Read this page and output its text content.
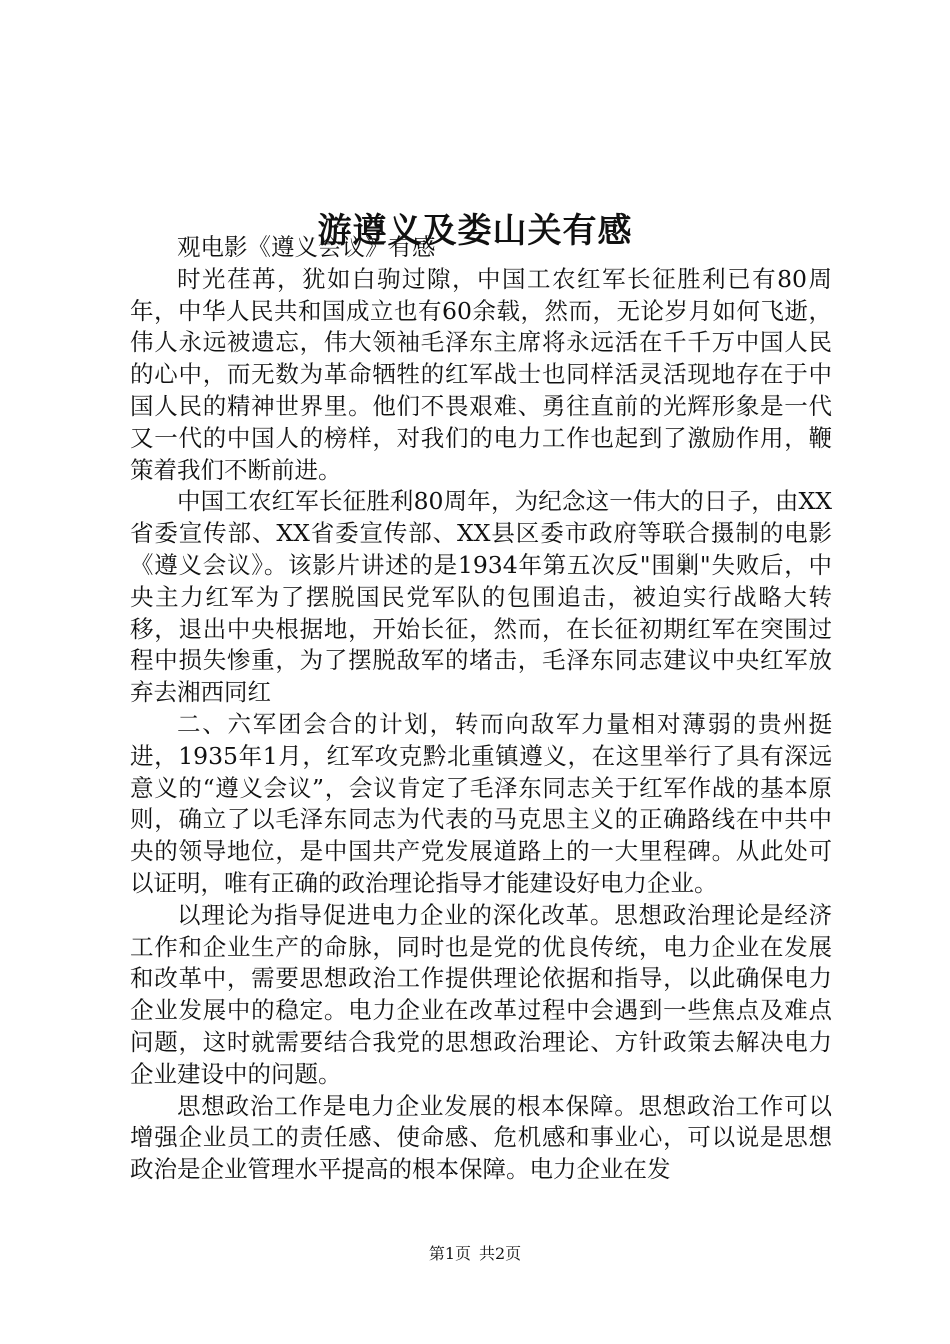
游遵义及娄山关有感

观电影《遵义会议》有感

时光荏苒，犹如白驹过隙，中国工农红军长征胜利已有80周年，中华人民共和国成立也有60余载，然而，无论岁月如何飞逝，伟人永远被遗忘，伟大领袖毛泽东主席将永远活在千千万中国人民的心中，而无数为革命牺牲的红军战士也同样活灵活现地存在于中国人民的精神世界里。他们不畏艰难、勇往直前的光辉形象是一代又一代的中国人的榜样，对我们的电力工作也起到了激励作用，鞭策着我们不断前进。

中国工农红军长征胜利80周年，为纪念这一伟大的日子，由XX省委宣传部、XX省委宣传部、XX县区委市政府等联合摄制的电影《遵义会议》。该影片讲述的是1934年第五次反"围剿"失败后，中央主力红军为了摆脱国民党军队的包围追击，被迫实行战略大转移，退出中央根据地，开始长征，然而，在长征初期红军在突围过程中损失惨重，为了摆脱敌军的堵击，毛泽东同志建议中央红军放弃去湘西同红

二、六军团会合的计划，转而向敌军力量相对薄弱的贵州挺进，1935年1月，红军攻克黔北重镇遵义，在这里举行了具有深远意义的“遵义会议”，会议肯定了毛泽东同志关于红军作战的基本原则，确立了以毛泽东同志为代表的马克思主义的正确路线在中共中央的领导地位，是中国共产党发展道路上的一大里程碑。从此处可以证明，唯有正确的政治理论指导才能建设好电力企业。

以理论为指导促进电力企业的深化改革。思想政治理论是经济工作和企业生产的命脉，同时也是党的优良传统，电力企业在发展和改革中，需要思想政治工作提供理论依据和指导，以此确保电力企业发展中的稳定。电力企业在改革过程中会遇到一些焦点及难点问题，这时就需要结合我党的思想政治理论、方针政策去解决电力企业建设中的问题。

思想政治工作是电力企业发展的根本保障。思想政治工作可以增强企业员工的责任感、使命感、危机感和事业心，可以说是思想政治是企业管理水平提高的根本保障。电力企业在发

第1页 共2页
